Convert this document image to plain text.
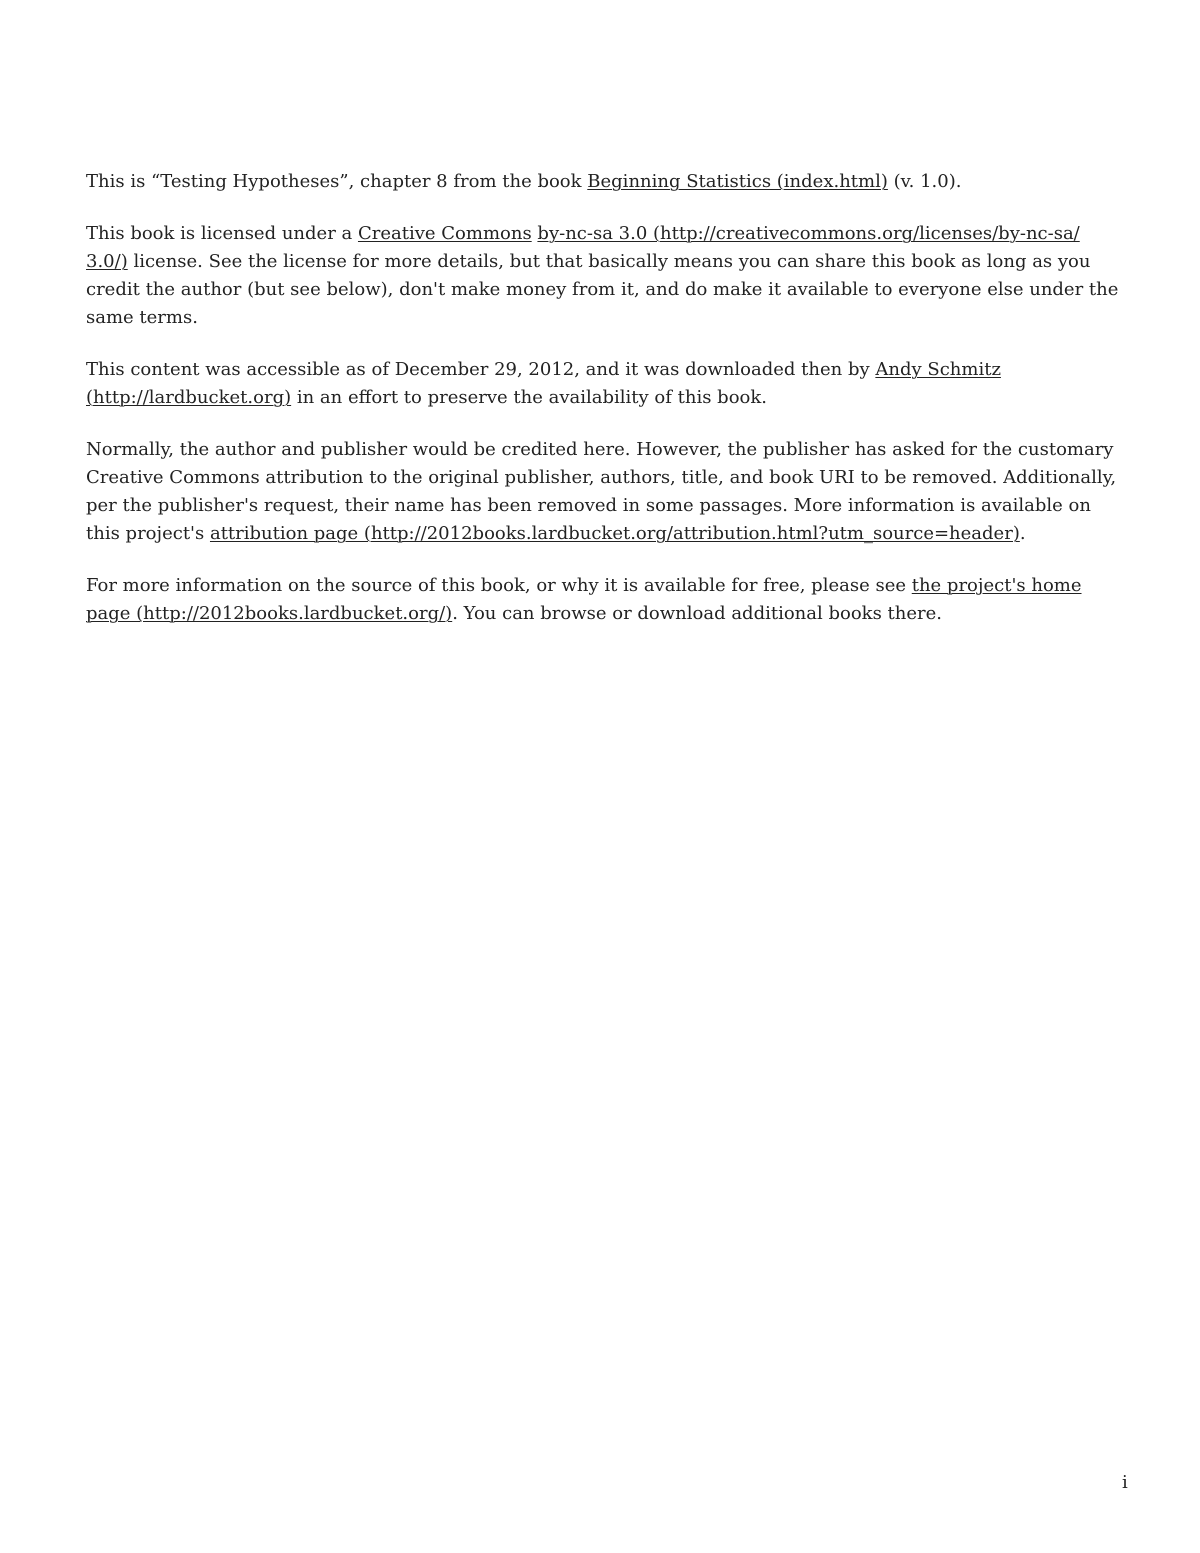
This is “Testing Hypotheses”, chapter 8 from the book Beginning Statistics (index.html) (v. 1.0).

This book is licensed under a Creative Commons by-nc-sa 3.0 (http://creativecommons.org/licenses/by-nc-sa/ 3.0/) license. See the license for more details, but that basically means you can share this book as long as you credit the author (but see below), don't make money from it, and do make it available to everyone else under the same terms.

This content was accessible as of December 29, 2012, and it was downloaded then by Andy Schmitz (http://lardbucket.org) in an effort to preserve the availability of this book.

Normally, the author and publisher would be credited here. However, the publisher has asked for the customary Creative Commons attribution to the original publisher, authors, title, and book URI to be removed. Additionally, per the publisher's request, their name has been removed in some passages. More information is available on this project's attribution page (http://2012books.lardbucket.org/attribution.html?utm_source=header).

For more information on the source of this book, or why it is available for free, please see the project's home page (http://2012books.lardbucket.org/). You can browse or download additional books there.

i
